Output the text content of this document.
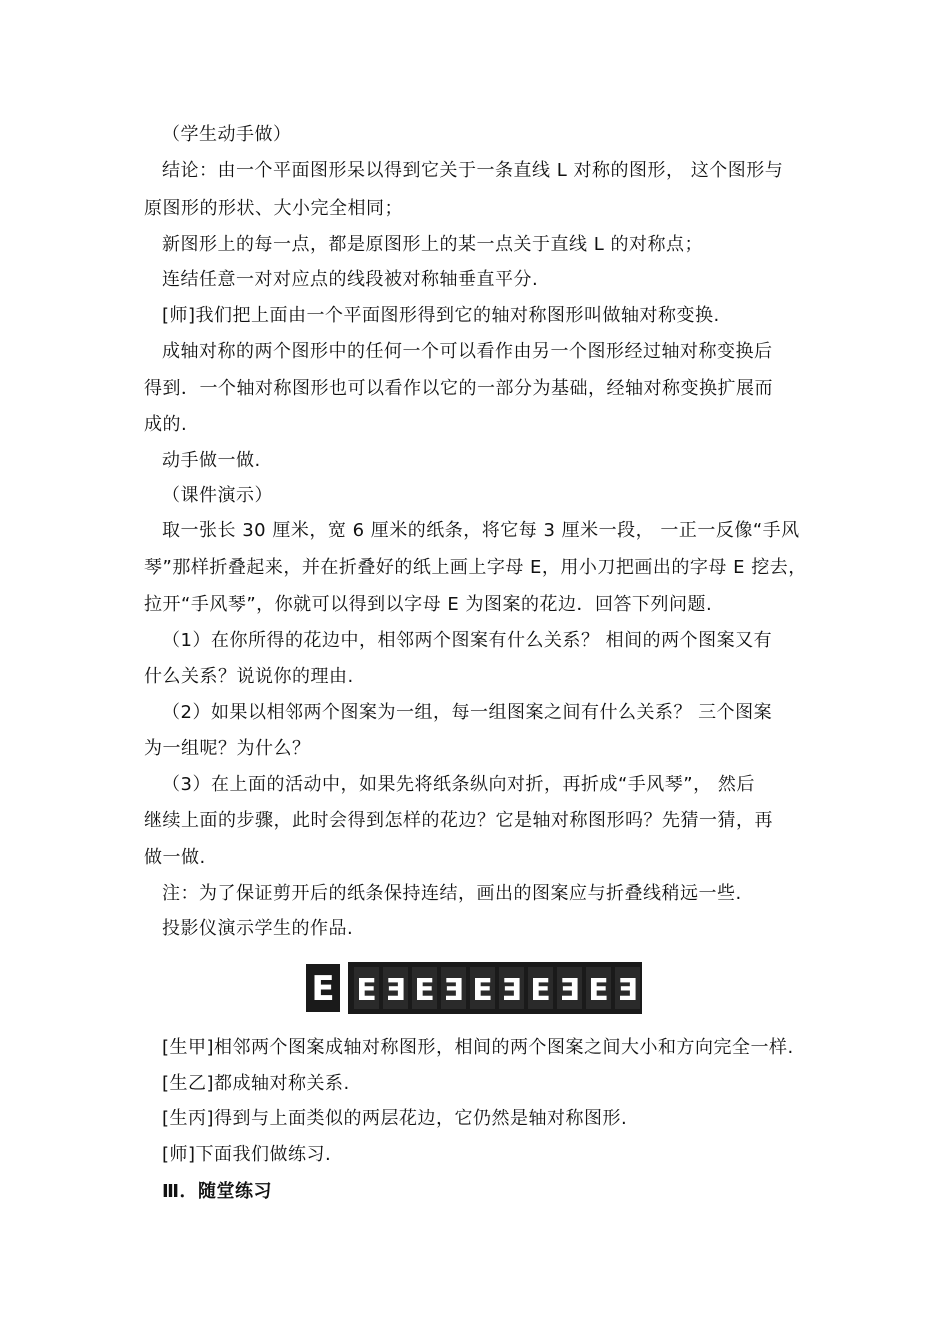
（学生动手做）
结论：由一个平面图形呆以得到它关于一条直线 L 对称的图形， 这个图形与
原图形的形状、大小完全相同；
新图形上的每一点，都是原图形上的某一点关于直线 L 的对称点；
连结任意一对对应点的线段被对称轴垂直平分.
[师]我们把上面由一个平面图形得到它的轴对称图形叫做轴对称变换.
成轴对称的两个图形中的任何一个可以看作由另一个图形经过轴对称变换后
得到．一个轴对称图形也可以看作以它的一部分为基础，经轴对称变换扩展而
成的.
动手做一做.
（课件演示）
取一张长 30 厘米，宽 6 厘米的纸条，将它每 3 厘米一段， 一正一反像“手风
琴”那样折叠起来，并在折叠好的纸上画上字母 E，用小刀把画出的字母 E 挖去，
拉开“手风琴”，你就可以得到以字母 E 为图案的花边．回答下列问题.
（1）在你所得的花边中，相邻两个图案有什么关系？ 相间的两个图案又有
什么关系？说说你的理由.
（2）如果以相邻两个图案为一组，每一组图案之间有什么关系？ 三个图案
为一组呢？为什么？
（3）在上面的活动中，如果先将纸条纵向对折，再折成“手风琴”， 然后
继续上面的步骤，此时会得到怎样的花边？它是轴对称图形吗？先猜一猜，再
做一做.
注：为了保证剪开后的纸条保持连结，画出的图案应与折叠线稍远一些.
投影仪演示学生的作品.
E E Ǝ E Ǝ E Ǝ E Ǝ E Ǝ
[生甲]相邻两个图案成轴对称图形，相间的两个图案之间大小和方向完全一样.
[生乙]都成轴对称关系.
[生丙]得到与上面类似的两层花边，它仍然是轴对称图形.
[师]下面我们做练习.
Ⅲ．随堂练习
